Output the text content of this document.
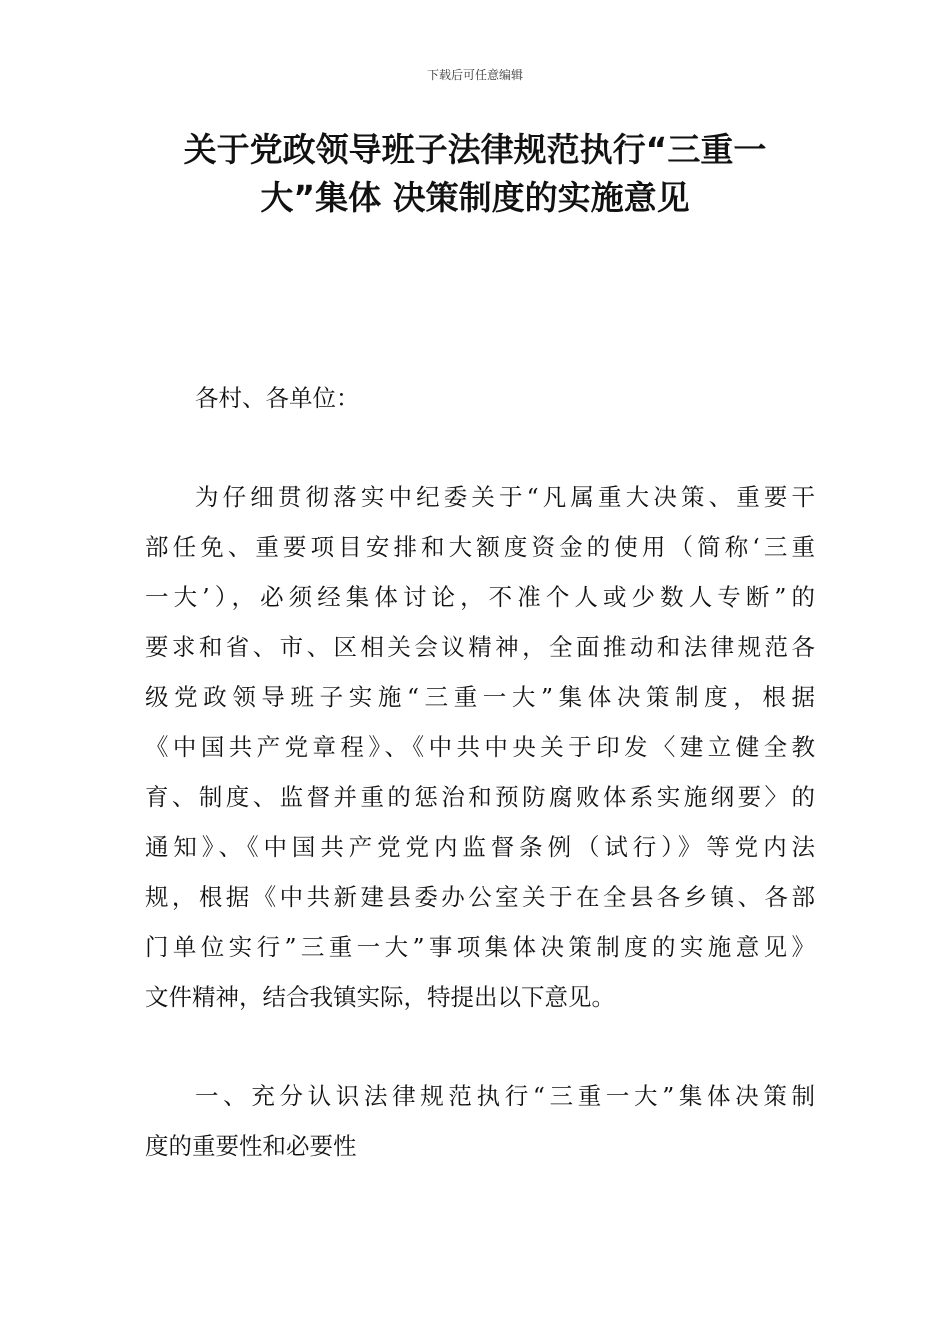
下载后可任意编辑
关于党政领导班子法律规范执行“三重一
大”集体 决策制度的实施意见
各村、各单位：
为仔细贯彻落实中纪委关于“凡属重大决策、重要干
部任免、重要项目安排和大额度资金的使用（简称‘三重
一大’），必须经集体讨论，不准个人或少数人专断”的
要求和省、市、区相关会议精神，全面推动和法律规范各
级党政领导班子实施“三重一大”集体决策制度，根据
《中国共产党章程》、《中共中央关于印发〈建立健全教
育、制度、监督并重的惩治和预防腐败体系实施纲要〉的
通知》、《中国共产党党内监督条例（试行）》等党内法
规，根据《中共新建县委办公室关于在全县各乡镇、各部
门单位实行”三重一大”事项集体决策制度的实施意见》
文件精神，结合我镇实际，特提出以下意见。
一、充分认识法律规范执行“三重一大”集体决策制
度的重要性和必要性
